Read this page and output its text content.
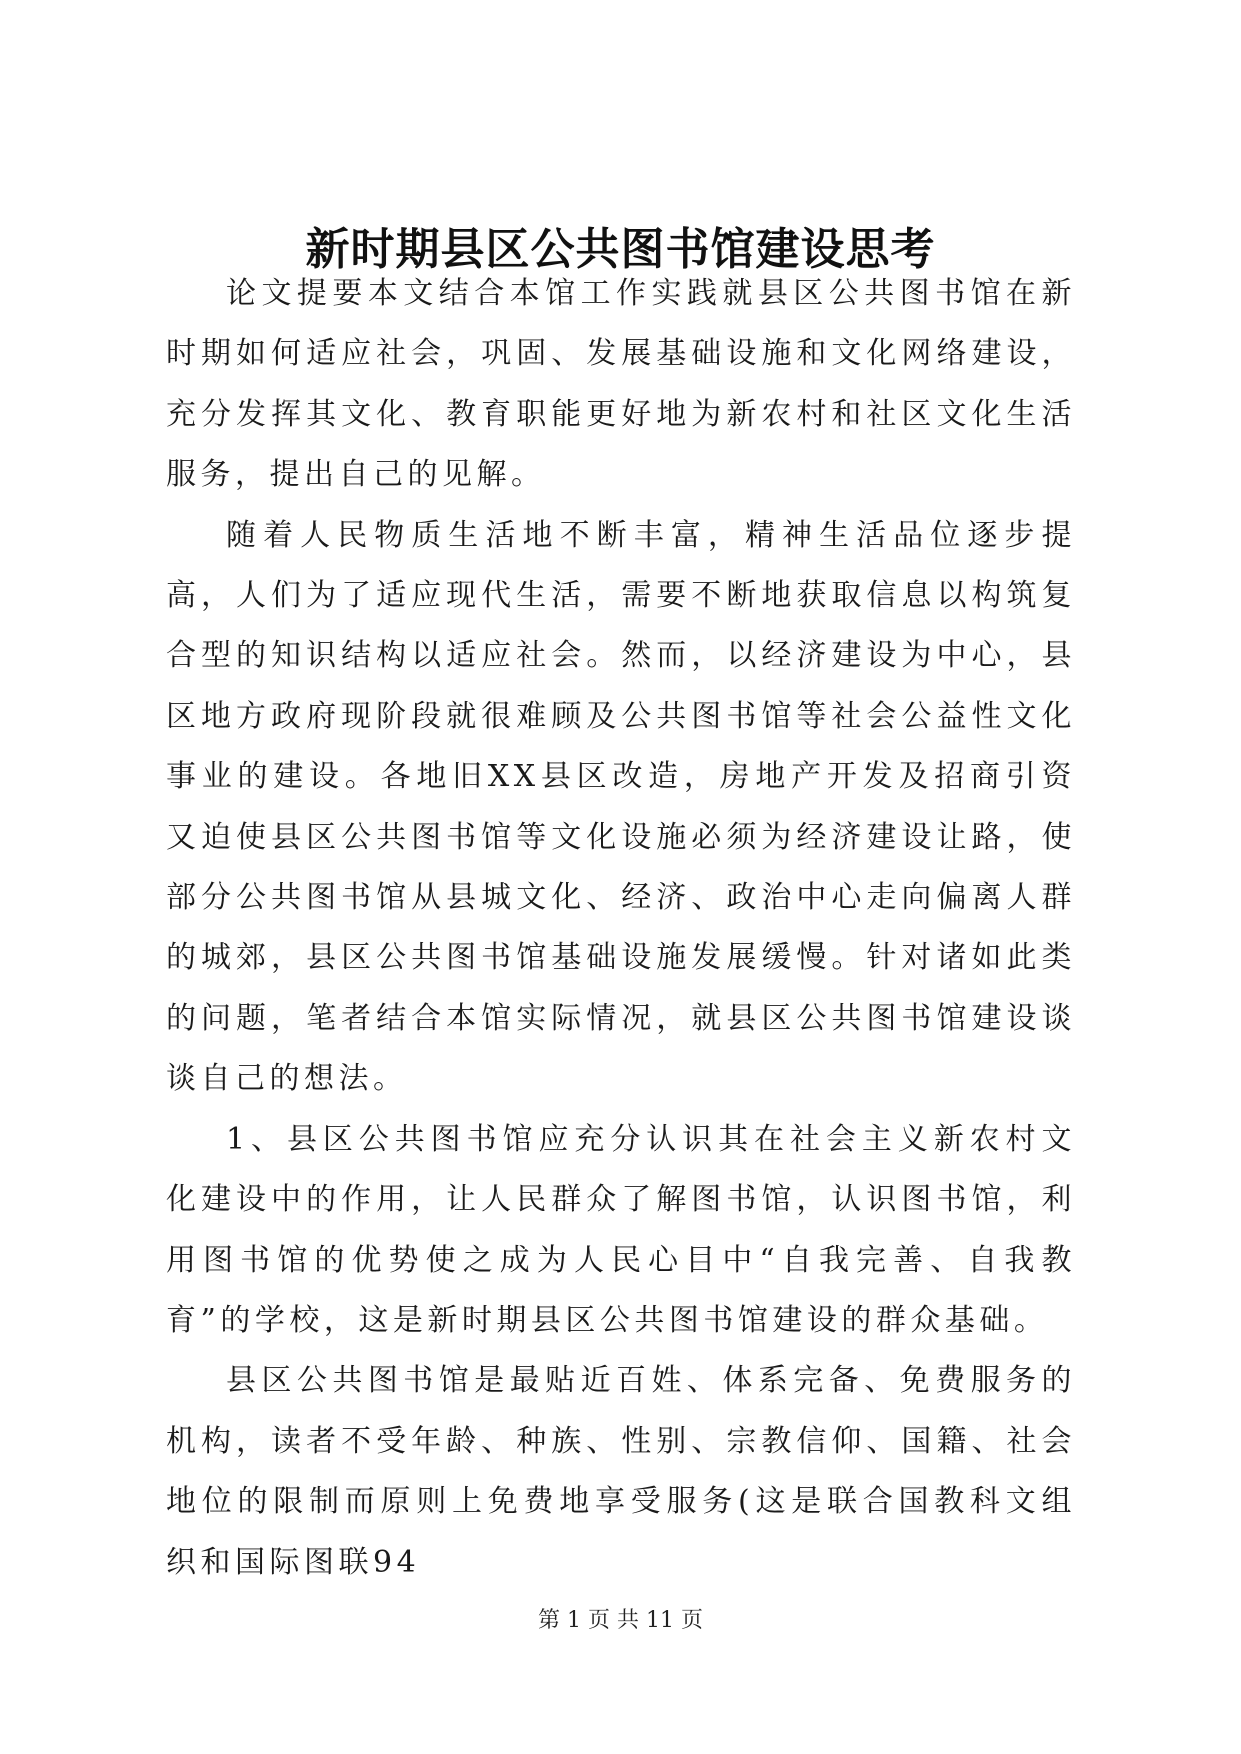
新时期县区公共图书馆建设思考

论文提要本文结合本馆工作实践就县区公共图书馆在新时期如何适应社会，巩固、发展基础设施和文化网络建设，充分发挥其文化、教育职能更好地为新农村和社区文化生活服务，提出自己的见解。

随着人民物质生活地不断丰富，精神生活品位逐步提高，人们为了适应现代生活，需要不断地获取信息以构筑复合型的知识结构以适应社会。然而，以经济建设为中心，县区地方政府现阶段就很难顾及公共图书馆等社会公益性文化事业的建设。各地旧XX县区改造，房地产开发及招商引资又迫使县区公共图书馆等文化设施必须为经济建设让路，使部分公共图书馆从县城文化、经济、政治中心走向偏离人群的城郊，县区公共图书馆基础设施发展缓慢。针对诸如此类的问题，笔者结合本馆实际情况，就县区公共图书馆建设谈谈自己的想法。

1、县区公共图书馆应充分认识其在社会主义新农村文化建设中的作用，让人民群众了解图书馆，认识图书馆，利用图书馆的优势使之成为人民心目中“自我完善、自我教育”的学校，这是新时期县区公共图书馆建设的群众基础。

县区公共图书馆是最贴近百姓、体系完备、免费服务的机构，读者不受年龄、种族、性别、宗教信仰、国籍、社会地位的限制而原则上免费地享受服务(这是联合国教科文组织和国际图联94

第 1 页 共 11 页
